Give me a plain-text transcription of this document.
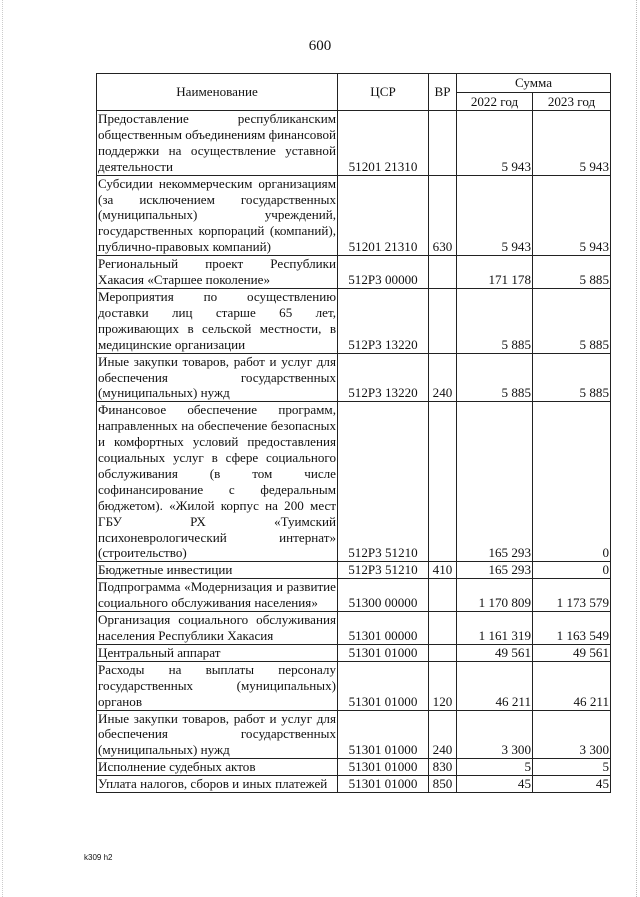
600
Наименование	ЦСР	ВР	Сумма	
			2022 год	2023 год
Предоставление республиканским общественным объединениям финансовой поддержки на осуществление уставной деятельности	51201 21310		5 943	5 943
Субсидии некоммерческим организациям (за исключением государственных (муниципальных) учреждений, государственных корпораций (компаний), публично-правовых компаний)	51201 21310	630	5 943	5 943
Региональный проект Республики Хакасия «Старшее поколение»	512P3 00000		171 178	5 885
Мероприятия по осуществлению доставки лиц старше 65 лет, проживающих в сельской местности, в медицинские организации	512P3 13220		5 885	5 885
Иные закупки товаров, работ и услуг для обеспечения государственных (муниципальных) нужд	512P3 13220	240	5 885	5 885
Финансовое обеспечение программ, направленных на обеспечение безопасных и комфортных условий предоставления социальных услуг в сфере социального обслуживания (в том числе софинансирование с федеральным бюджетом). «Жилой корпус на 200 мест ГБУ РХ «Туимский психоневрологический интернат» (строительство)	512P3 51210		165 293	0
Бюджетные инвестиции	512P3 51210	410	165 293	0
Подпрограмма «Модернизация и развитие социального обслуживания населения»	51300 00000		1 170 809	1 173 579
Организация социального обслуживания населения Республики Хакасия	51301 00000		1 161 319	1 163 549
Центральный аппарат	51301 01000		49 561	49 561
Расходы на выплаты персоналу государственных (муниципальных) органов	51301 01000	120	46 211	46 211
Иные закупки товаров, работ и услуг для обеспечения государственных (муниципальных) нужд	51301 01000	240	3 300	3 300
Исполнение судебных актов	51301 01000	830	5	5
Уплата налогов, сборов и иных платежей	51301 01000	850	45	45
k309 h2
